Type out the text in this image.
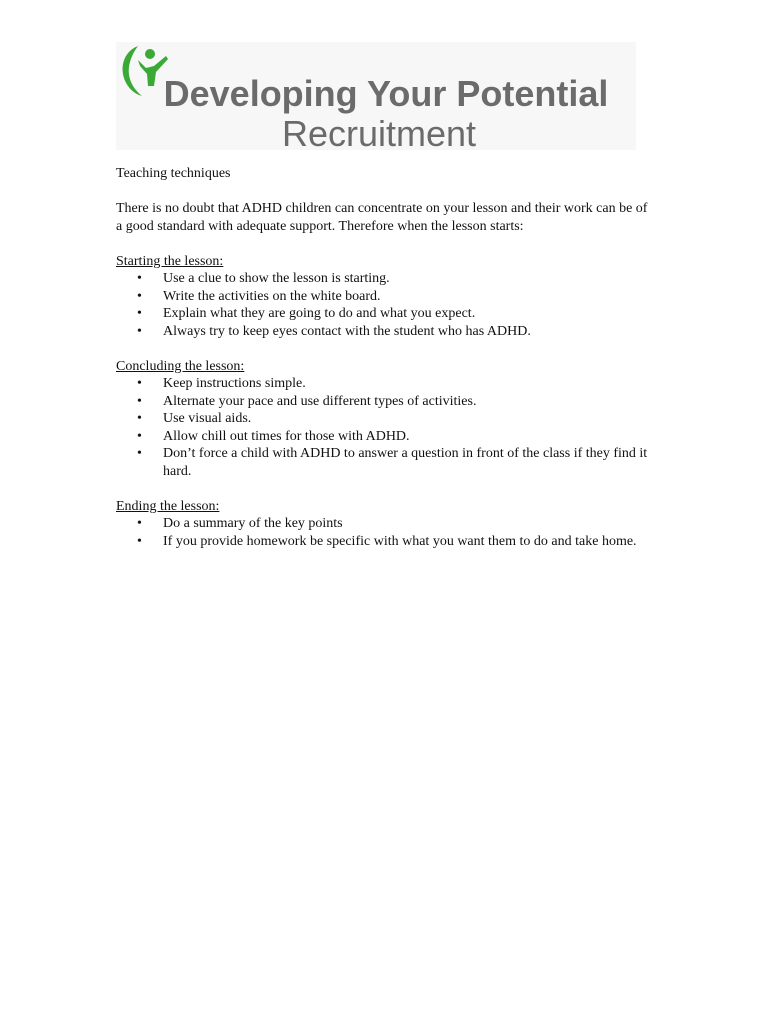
Developing Your Potential
Recruitment

Teaching techniques

There is no doubt that ADHD children can concentrate on your lesson and their work can be of a good standard with adequate support. Therefore when the lesson starts:

Starting the lesson:

• Use a clue to show the lesson is starting.
• Write the activities on the white board.
• Explain what they are going to do and what you expect.
• Always try to keep eyes contact with the student who has ADHD.

Concluding the lesson:

• Keep instructions simple.
• Alternate your pace and use different types of activities.
• Use visual aids.
• Allow chill out times for those with ADHD.
• Don’t force a child with ADHD to answer a question in front of the class if they find it hard.

Ending the lesson:

• Do a summary of the key points
• If you provide homework be specific with what you want them to do and take home.
